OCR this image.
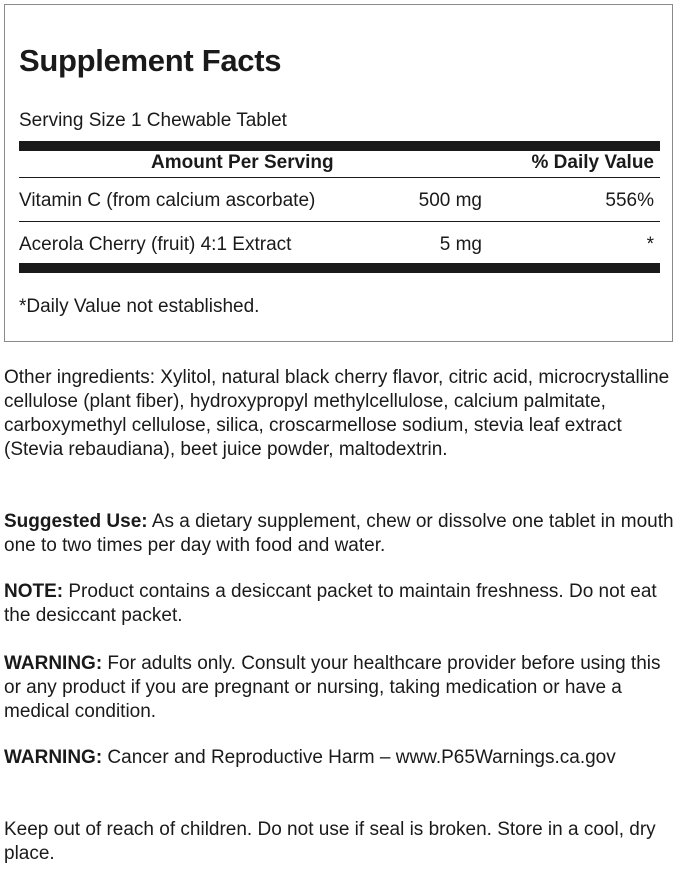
Supplement Facts
Serving Size 1 Chewable Tablet
Amount Per Serving	% Daily Value
Vitamin C (from calcium ascorbate)	500 mg	556%
Acerola Cherry (fruit) 4:1 Extract	5 mg	*
*Daily Value not established.

Other ingredients: Xylitol, natural black cherry flavor, citric acid, microcrystalline cellulose (plant fiber), hydroxypropyl methylcellulose, calcium palmitate, carboxymethyl cellulose, silica, croscarmellose sodium, stevia leaf extract (Stevia rebaudiana), beet juice powder, maltodextrin.

Suggested Use: As a dietary supplement, chew or dissolve one tablet in mouth one to two times per day with food and water.

NOTE: Product contains a desiccant packet to maintain freshness. Do not eat the desiccant packet.

WARNING: For adults only. Consult your healthcare provider before using this or any product if you are pregnant or nursing, taking medication or have a medical condition.

WARNING: Cancer and Reproductive Harm – www.P65Warnings.ca.gov

Keep out of reach of children. Do not use if seal is broken. Store in a cool, dry place.
